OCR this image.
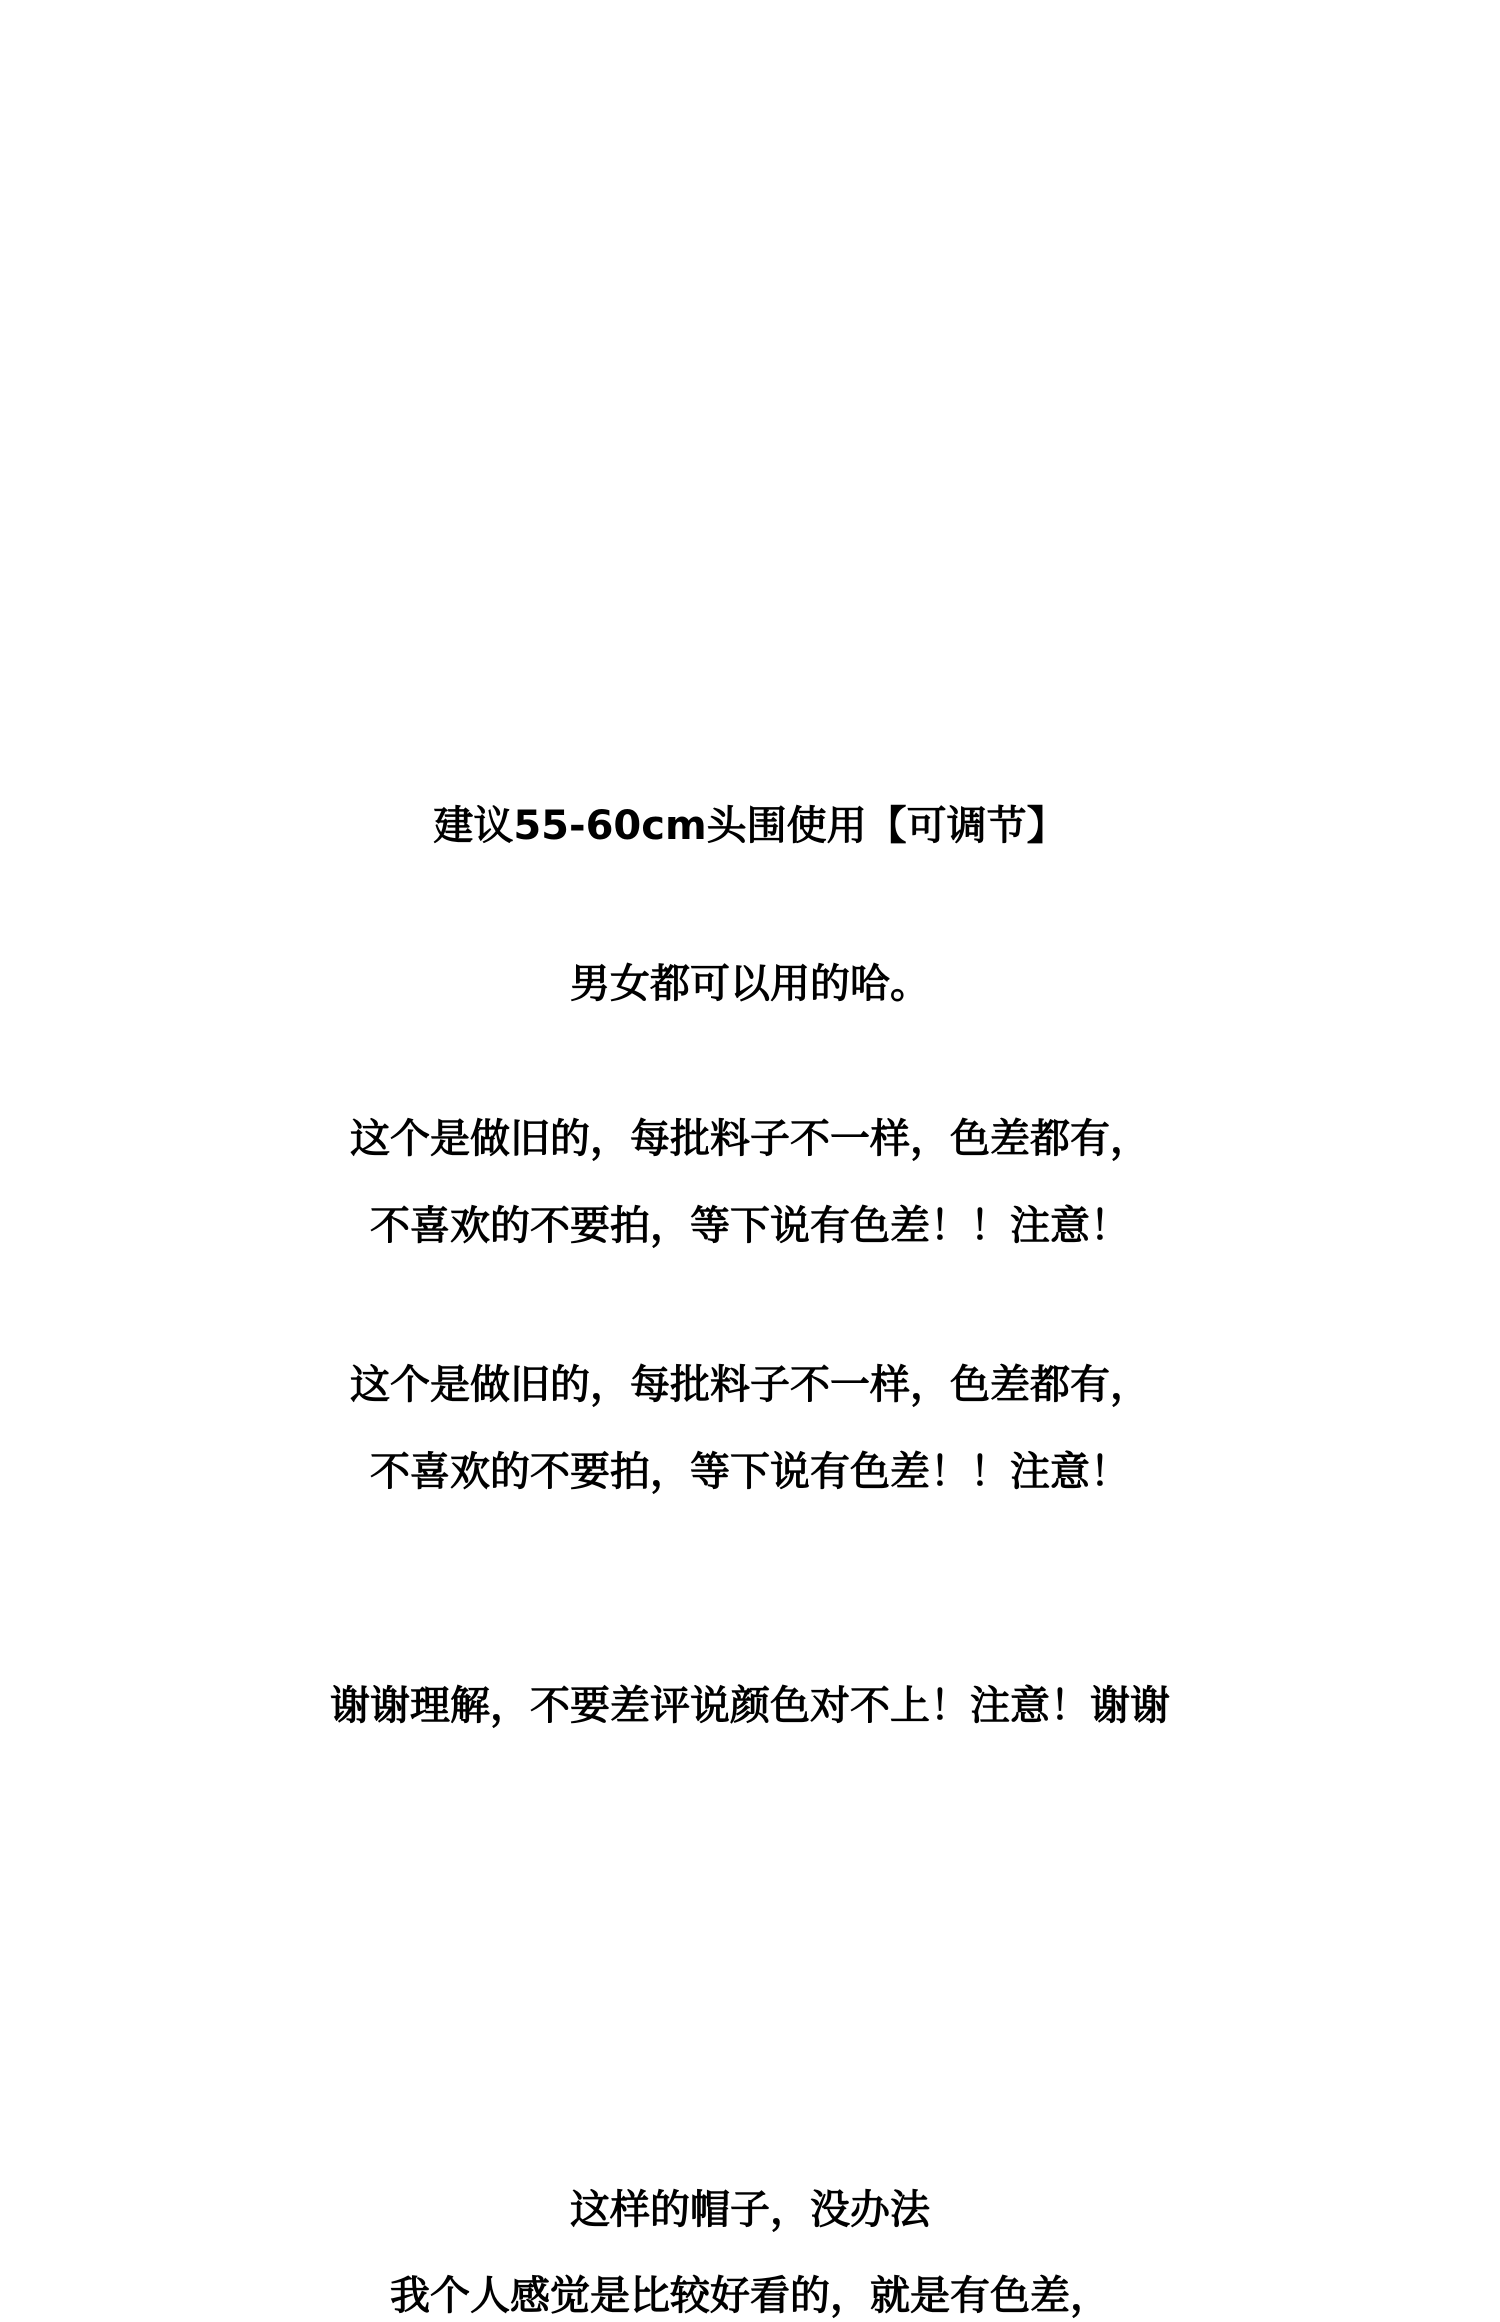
建议55-60cm头围使用【可调节】
男女都可以用的哈。
这个是做旧的，每批料子不一样，色差都有，
不喜欢的不要拍，等下说有色差！！注意！
这个是做旧的，每批料子不一样，色差都有，
不喜欢的不要拍，等下说有色差！！注意！
谢谢理解，不要差评说颜色对不上！注意！谢谢
这样的帽子，没办法
我个人感觉是比较好看的，就是有色差，
